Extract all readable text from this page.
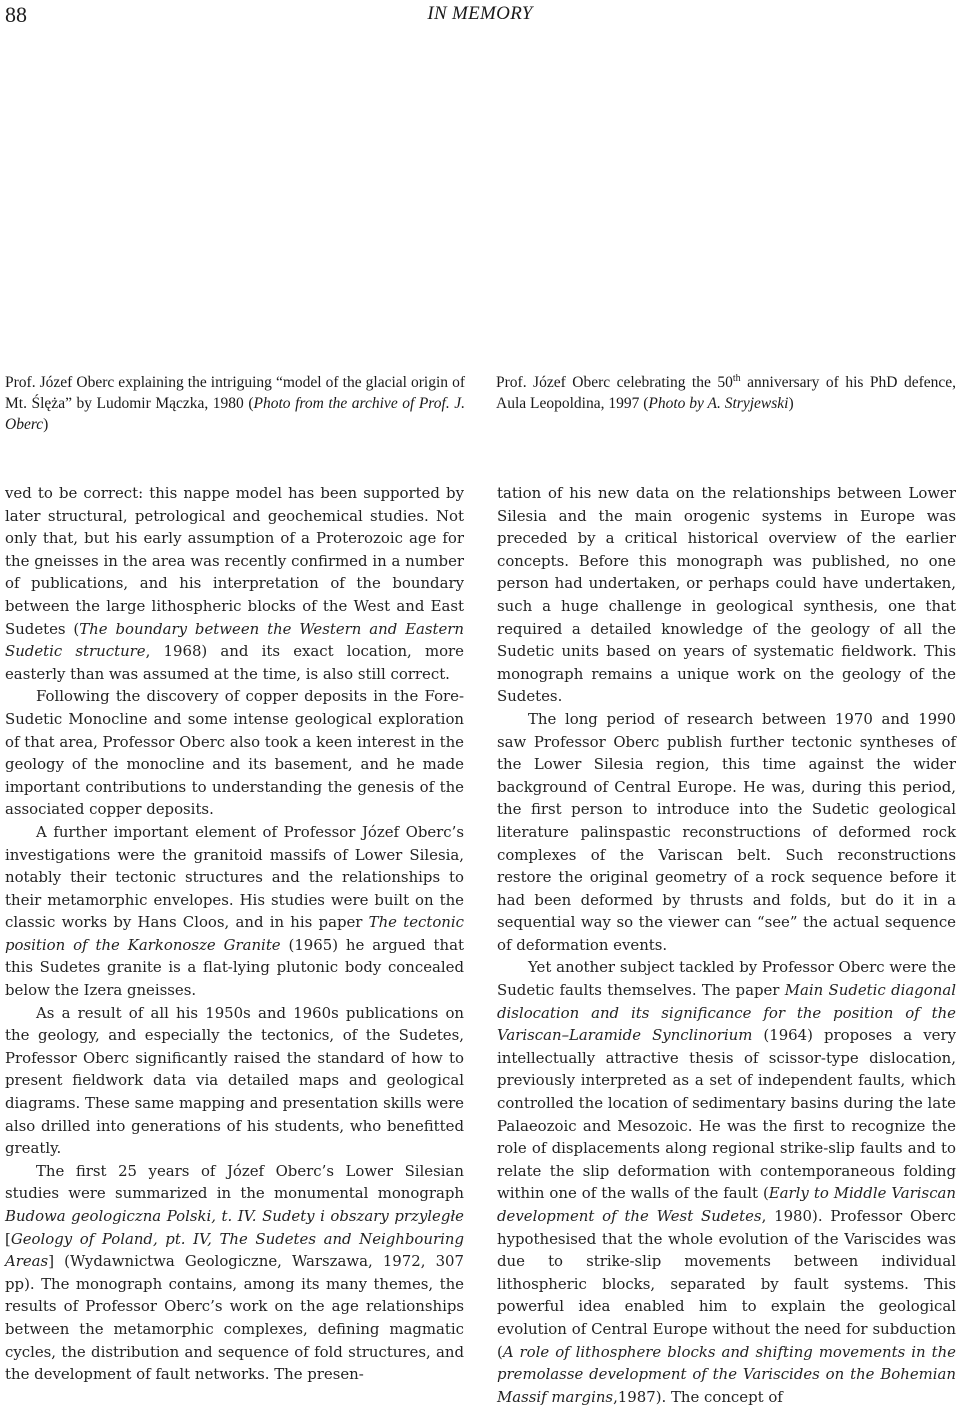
88	IN MEMORY
Prof. Józef Oberc explaining the intriguing “model of the glacial origin of Mt. Ślęża” by Ludomir Mączka, 1980 (Photo from the archive of Prof. J. Oberc)
Prof. Józef Oberc celebrating the 50th anniversary of his PhD defence, Aula Leopoldina, 1997 (Photo by A. Stryjewski)

ved to be correct: this nappe model has been supported by later structural, petrological and geochemical studies. Not only that, but his early assumption of a Proterozoic age for the gneisses in the area was recently confirmed in a number of publications, and his interpretation of the boundary between the large lithospheric blocks of the West and East Sudetes (The boundary between the Western and Eastern Sudetic structure, 1968) and its exact location, more easterly than was assumed at the time, is also still correct.

Following the discovery of copper deposits in the Fore-Sudetic Monocline and some intense geological exploration of that area, Professor Oberc also took a keen interest in the geology of the monocline and its basement, and he made important contributions to understanding the genesis of the associated copper deposits.

A further important element of Professor Józef Oberc’s investigations were the granitoid massifs of Lower Silesia, notably their tectonic structures and the relationships to their metamorphic envelopes. His studies were built on the classic works by Hans Cloos, and in his paper The tectonic position of the Karkonosze Granite (1965) he argued that this Sudetes granite is a flat-lying plutonic body concealed below the Izera gneisses.

As a result of all his 1950s and 1960s publications on the geology, and especially the tectonics, of the Sudetes, Professor Oberc significantly raised the standard of how to present fieldwork data via detailed maps and geological diagrams. These same mapping and presentation skills were also drilled into generations of his students, who benefitted greatly.

The first 25 years of Józef Oberc’s Lower Silesian studies were summarized in the monumental monograph Budowa geologiczna Polski, t. IV. Sudety i obszary przyległe [Geology of Poland, pt. IV, The Sudetes and Neighbouring Areas] (Wydawnictwa Geologiczne, Warszawa, 1972, 307 pp). The monograph contains, among its many themes, the results of Professor Oberc’s work on the age relationships between the metamorphic complexes, defining magmatic cycles, the distribution and sequence of fold structures, and the development of fault networks. The presen-

tation of his new data on the relationships between Lower Silesia and the main orogenic systems in Europe was preceded by a critical historical overview of the earlier concepts. Before this monograph was published, no one person had undertaken, or perhaps could have undertaken, such a huge challenge in geological synthesis, one that required a detailed knowledge of the geology of all the Sudetic units based on years of systematic fieldwork. This monograph remains a unique work on the geology of the Sudetes.

The long period of research between 1970 and 1990 saw Professor Oberc publish further tectonic syntheses of the Lower Silesia region, this time against the wider background of Central Europe. He was, during this period, the first person to introduce into the Sudetic geological literature palinspastic reconstructions of deformed rock complexes of the Variscan belt. Such reconstructions restore the original geometry of a rock sequence before it had been deformed by thrusts and folds, but do it in a sequential way so the viewer can “see” the actual sequence of deformation events.

Yet another subject tackled by Professor Oberc were the Sudetic faults themselves. The paper Main Sudetic diagonal dislocation and its significance for the position of the Variscan–Laramide Synclinorium (1964) proposes a very intellectually attractive thesis of scissor-type dislocation, previously interpreted as a set of independent faults, which controlled the location of sedimentary basins during the late Palaeozoic and Mesozoic. He was the first to recognize the role of displacements along regional strike-slip faults and to relate the slip deformation with contemporaneous folding within one of the walls of the fault (Early to Middle Variscan development of the West Sudetes, 1980). Professor Oberc hypothesised that the whole evolution of the Variscides was due to strike-slip movements between individual lithospheric blocks, separated by fault systems. This powerful idea enabled him to explain the geological evolution of Central Europe without the need for subduction (A role of lithosphere blocks and shifting movements in the premolasse development of the Variscides on the Bohemian Massif margins,1987). The concept of
